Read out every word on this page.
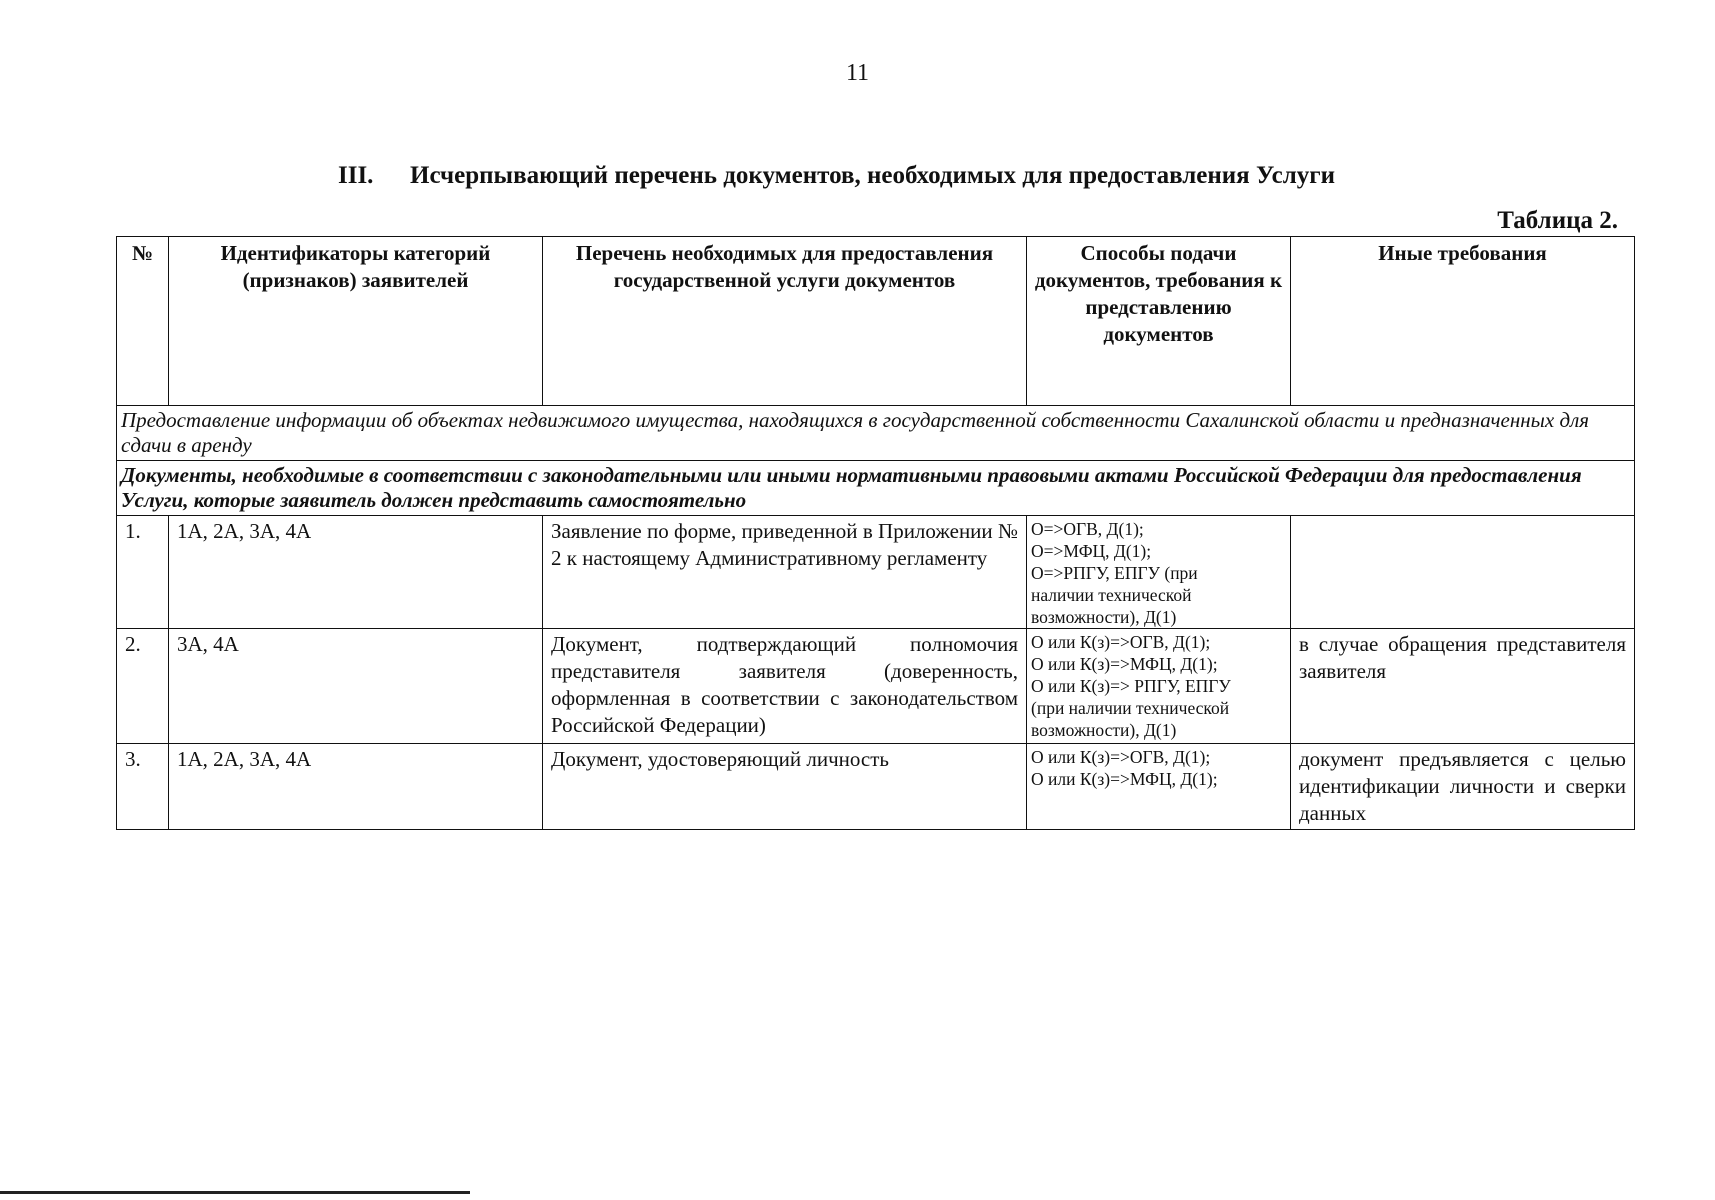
11
III. Исчерпывающий перечень документов, необходимых для предоставления Услуги
Таблица 2.
№	Идентификаторы категорий (признаков) заявителей	Перечень необходимых для предоставления государственной услуги документов	Способы подачи документов, требования к представлению документов	Иные требования
Предоставление информации об объектах недвижимого имущества, находящихся в государственной собственности Сахалинской области и предназначенных для сдачи в аренду				
Документы, необходимые в соответствии с законодательными или иными нормативными правовыми актами Российской Федерации для предоставления Услуги, которые заявитель должен представить самостоятельно				
1.	1А, 2А, 3А, 4А	Заявление по форме, приведенной в Приложении № 2 к настоящему Административному регламенту	О=>ОГВ, Д(1);
О=>МФЦ, Д(1);
О=>РПГУ, ЕПГУ (при
наличии технической
возможности), Д(1)	

2.	3А, 4А	Документ, подтверждающий полномочия представителя заявителя (доверенность, оформленная в соответствии с законодательством Российской Федерации)	О или К(з)=>ОГВ, Д(1);
О или К(з)=>МФЦ, Д(1);
О или К(з)=> РПГУ, ЕПГУ
(при наличии технической
возможности), Д(1)	в случае обращения представителя заявителя
3.	1А, 2А, 3А, 4А	Документ, удостоверяющий личность	О или К(з)=>ОГВ, Д(1);
О или К(з)=>МФЦ, Д(1);	документ предъявляется с целью идентификации личности и сверки данных
